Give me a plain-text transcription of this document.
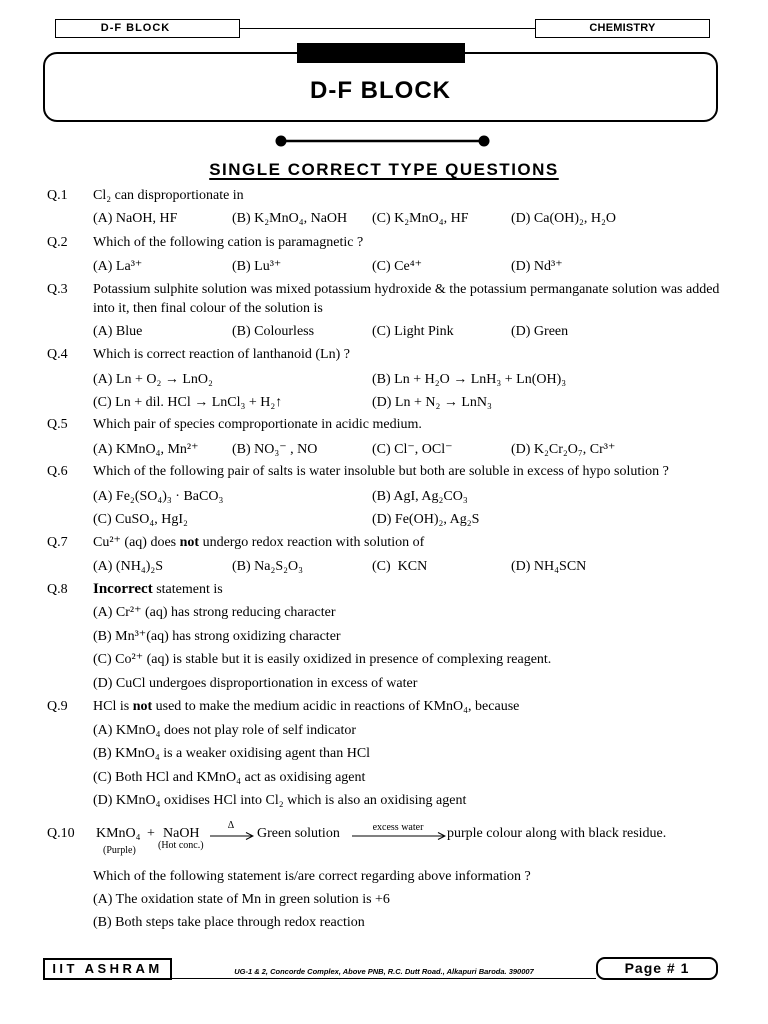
D-F BLOCK	CHEMISTRY
D-F BLOCK
SINGLE CORRECT TYPE QUESTIONS
Q.1 Cl₂ can disproportionate in
(A) NaOH, HF	(B) K₂MnO₄, NaOH (C) K₂MnO₄, HF	(D) Ca(OH)₂, H₂O
Q.2 Which of the following cation is paramagnetic ?
(A) La³⁺	(B) Lu³⁺	(C) Ce⁴⁺	(D) Nd³⁺
Q.3 Potassium sulphite solution was mixed potassium hydroxide & the potassium permanganate solution was added into it, then final colour of the solution is
(A) Blue	(B) Colourless	(C) Light Pink	(D) Green
Q.4 Which is correct reaction of lanthanoid (Ln) ?
(A) Ln + O₂ → LnO₂	(B) Ln + H₂O → LnH₃ + Ln(OH)₃
(C) Ln + dil. HCl → LnCl₃ + H₂↑	(D) Ln + N₂ → LnN₃
Q.5 Which pair of species comproportionate in acidic medium.
(A) KMnO₄, Mn²⁺ (B) NO₃⁻ , NO	(C) Cl⁻, OCl⁻	(D) K₂Cr₂O₇, Cr³⁺
Q.6 Which of the following pair of salts is water insoluble but both are soluble in excess of hypo solution ?
(A) Fe₂(SO₄)₃ · BaCO₃	(B) AgI, Ag₂CO₃
(C) CuSO₄, HgI₂	(D) Fe(OH)₂, Ag₂S
Q.7 Cu²⁺ (aq) does not undergo redox reaction with solution of
(A) (NH₄)₂S	(B) Na₂S₂O₃	(C)  KCN	(D) NH₄SCN
Q.8 Incorrect statement is
(A) Cr²⁺ (aq) has strong reducing character
(B) Mn³⁺(aq) has strong oxidizing character
(C) Co²⁺ (aq) is stable but it is easily oxidized in presence of complexing reagent.
(D) CuCl undergoes disproportionation in excess of water
Q.9 HCl is not used to make the medium acidic in reactions of KMnO₄, because
(A) KMnO₄ does not play role of self indicator
(B) KMnO₄ is a weaker oxidising agent than HCl
(C) Both HCl and KMnO₄ act as oxidising agent
(D) KMnO₄ oxidises HCl into Cl₂ which is also an oxidising agent
Q.10 KMnO₄ + NaOH
(Purple) (Hot conc.)
Δ
→ Green solution	excess water	purple colour along with black residue.
Which of the following statement is/are correct regarding above information ?
(A) The oxidation state of Mn in green solution is +6
(B) Both steps take place through redox reaction
IIT ASHRAM	UG-1 & 2, Concorde Complex, Above PNB, R.C. Dutt Road., Alkapuri Baroda. 390007	Page # 1
